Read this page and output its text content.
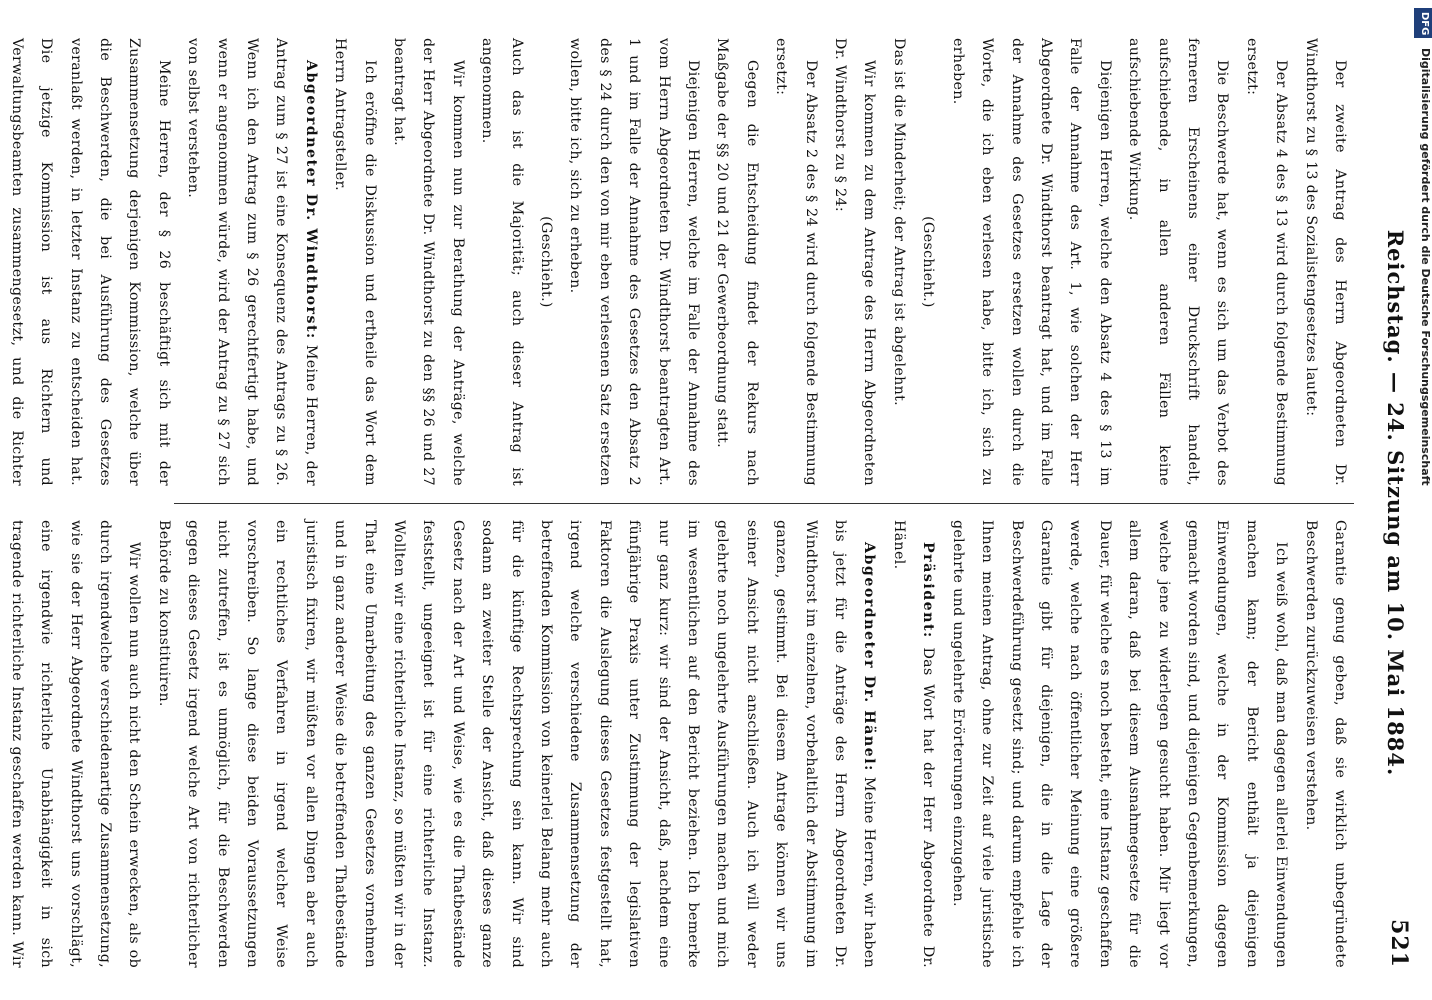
Reichstag. — 24. Sitzung am 10. Mai 1884.
521

Der zweite Antrag des Herrn Abgeordneten Dr. Windthorst zu § 13 des Sozialistengesetzes lautet:

Der Absatz 4 des § 13 wird durch folgende Bestimmung ersetzt:

Die Beschwerde hat, wenn es sich um das Verbot des ferneren Erscheinens einer Druckschrift handelt, aufschiebende, in allen anderen Fällen keine aufschiebende Wirkung.

Diejenigen Herren, welche den Absatz 4 des § 13 im Falle der Annahme des Art. 1, wie solchen der Herr Abgeordnete Dr. Windthorst beantragt hat, und im Falle der Annahme des Gesetzes ersetzen wollen durch die Worte, die ich eben verlesen habe, bitte ich, sich zu erheben.

(Geschieht.)

Das ist die Minderheit; der Antrag ist abgelehnt.

Wir kommen zu dem Antrage des Herrn Abgeordneten Dr. Windthorst zu § 24:

Der Absatz 2 des § 24 wird durch folgende Bestimmung ersetzt:

Gegen die Entscheidung findet der Rekurs nach Maßgabe der §§ 20 und 21 der Gewerbeordnung statt.

Diejenigen Herren, welche im Falle der Annahme des vom Herrn Abgeordneten Dr. Windthorst beantragten Art. 1 und im Falle der Annahme des Gesetzes den Absatz 2 des § 24 durch den von mir eben verlesenen Satz ersetzen wollen, bitte ich, sich zu erheben.

(Geschieht.)

Auch das ist die Majorität; auch dieser Antrag ist angenommen.

Wir kommen nun zur Berathung der Anträge, welche der Herr Abgeordnete Dr. Windthorst zu den §§ 26 und 27 beantragt hat.

Ich eröffne die Diskussion und ertheile das Wort dem Herrn Antragsteller.

Abgeordneter Dr. Windthorst: Meine Herren, der Antrag zum § 27 ist eine Konsequenz des Antrags zu § 26. Wenn ich den Antrag zum § 26 gerechtfertigt habe, und wenn er angenommen würde, wird der Antrag zu § 27 sich von selbst verstehen.

Meine Herren, der § 26 beschäftigt sich mit der Zusammensetzung derjenigen Kommission, welche über die Beschwerden, die bei Ausführung des Gesetzes veranlaßt werden, in letzter Instanz zu entscheiden hat. Die jetzige Kommission ist aus Richtern und Verwaltungsbeamten zusammengesetzt, und die Richter

Garantie genug geben, daß sie wirklich unbegründete Beschwerden zurückzuweisen verstehen.

Ich weiß wohl, daß man dagegen allerlei Einwendungen machen kann; der Bericht enthält ja diejenigen Einwendungen, welche in der Kommission dagegen gemacht worden sind, und diejenigen Gegenbemerkungen, welche jene zu widerlegen gesucht haben. Mir liegt vor allem daran, daß bei diesem Ausnahmegesetze für die Dauer, für welche es noch besteht, eine Instanz geschaffen werde, welche nach öffentlicher Meinung eine größere Garantie gibt für diejenigen, die in die Lage der Beschwerdeführung gesetzt sind; und darum empfehle ich Ihnen meinen Antrag, ohne zur Zeit auf viele juristische gelehrte und ungelehrte Erörterungen einzugehen.

Präsident: Das Wort hat der Herr Abgeordnete Dr. Hänel.

Abgeordneter Dr. Hänel: Meine Herren, wir haben bis jetzt für die Anträge des Herrn Abgeordneten Dr. Windthorst im einzelnen, vorbehaltlich der Abstimmung im ganzen, gestimmt. Bei diesem Antrage können wir uns seiner Ansicht nicht anschließen. Auch ich will weder gelehrte noch ungelehrte Ausführungen machen und mich im wesentlichen auf den Bericht beziehen. Ich bemerke nur ganz kurz: wir sind der Ansicht, daß, nachdem eine fünfjährige Praxis unter Zustimmung der legislativen Faktoren die Auslegung dieses Gesetzes festgestellt hat, irgend welche verschiedene Zusammensetzung der betreffenden Kommission von keinerlei Belang mehr auch für die künftige Rechtsprechung sein kann. Wir sind sodann an zweiter Stelle der Ansicht, daß dieses ganze Gesetz nach der Art und Weise, wie es die Thatbestände feststellt, ungeeignet ist für eine richterliche Instanz. Wollten wir eine richterliche Instanz, so müßten wir in der That eine Umarbeitung des ganzen Gesetzes vornehmen und in ganz anderer Weise die betreffenden Thatbestände juristisch fixiren, wir müßten vor allen Dingen aber auch ein rechtliches Verfahren in irgend welcher Weise vorschreiben. So lange diese beiden Voraussetzungen nicht zutreffen, ist es unmöglich, für die Beschwerden gegen dieses Gesetz irgend welche Art von richterlicher Behörde zu konstituiren.

Wir wollen nun auch nicht den Schein erwecken, als ob durch irgendwelche verschiedenartige Zusammensetzung, wie sie der Herr Abgeordnete Windthorst uns vorschlägt, eine irgendwie richterliche Unabhängigkeit in sich tragende richterliche Instanz geschaffen werden kann. Wir

DFG
Digitalisierung gefördert durch die Deutsche Forschungsgemeinschaft
